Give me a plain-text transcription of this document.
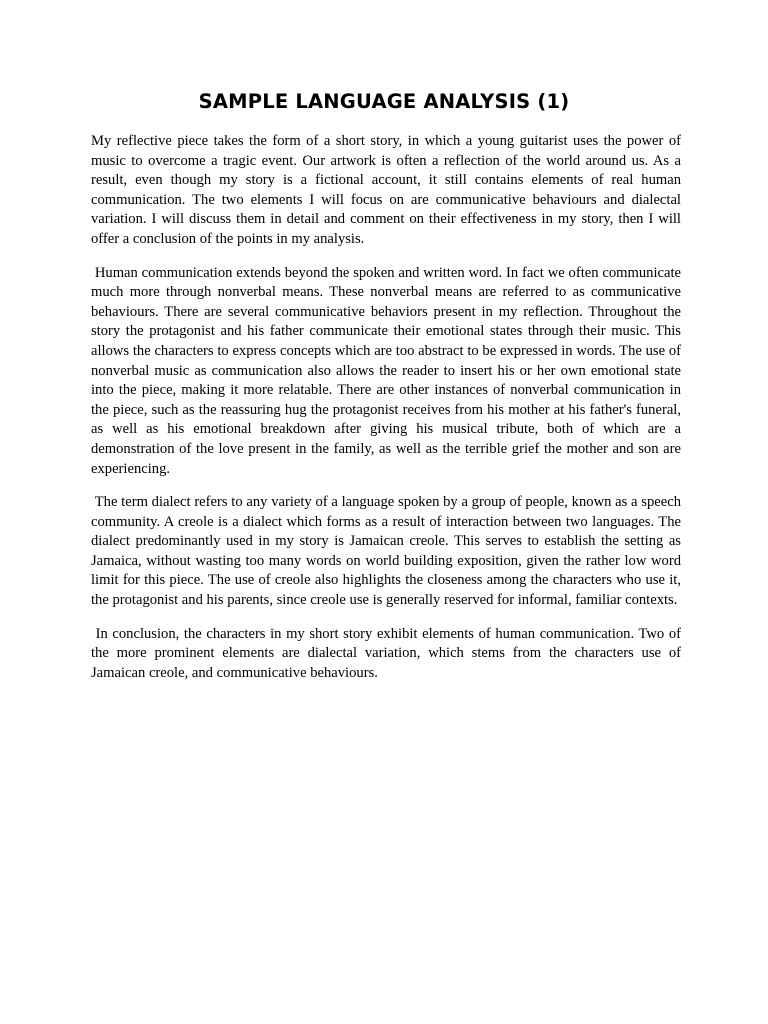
SAMPLE LANGUAGE ANALYSIS (1)

My reflective piece takes the form of a short story, in which a young guitarist uses the power of music to overcome a tragic event. Our artwork is often a reflection of the world around us. As a result, even though my story is a fictional account, it still contains elements of real human communication. The two elements I will focus on are communicative behaviours and dialectal variation. I will discuss them in detail and comment on their effectiveness in my story, then I will offer a conclusion of the points in my analysis.

Human communication extends beyond the spoken and written word. In fact we often communicate much more through nonverbal means. These nonverbal means are referred to as communicative behaviours. There are several communicative behaviors present in my reflection. Throughout the story the protagonist and his father communicate their emotional states through their music. This allows the characters to express concepts which are too abstract to be expressed in words. The use of nonverbal music as communication also allows the reader to insert his or her own emotional state into the piece, making it more relatable. There are other instances of nonverbal communication in the piece, such as the reassuring hug the protagonist receives from his mother at his father's funeral, as well as his emotional breakdown after giving his musical tribute, both of which are a demonstration of the love present in the family, as well as the terrible grief the mother and son are experiencing.

The term dialect refers to any variety of a language spoken by a group of people, known as a speech community. A creole is a dialect which forms as a result of interaction between two languages. The dialect predominantly used in my story is Jamaican creole. This serves to establish the setting as Jamaica, without wasting too many words on world building exposition, given the rather low word limit for this piece. The use of creole also highlights the closeness among the characters who use it, the protagonist and his parents, since creole use is generally reserved for informal, familiar contexts.

In conclusion, the characters in my short story exhibit elements of human communication. Two of the more prominent elements are dialectal variation, which stems from the characters use of Jamaican creole, and communicative behaviours.
